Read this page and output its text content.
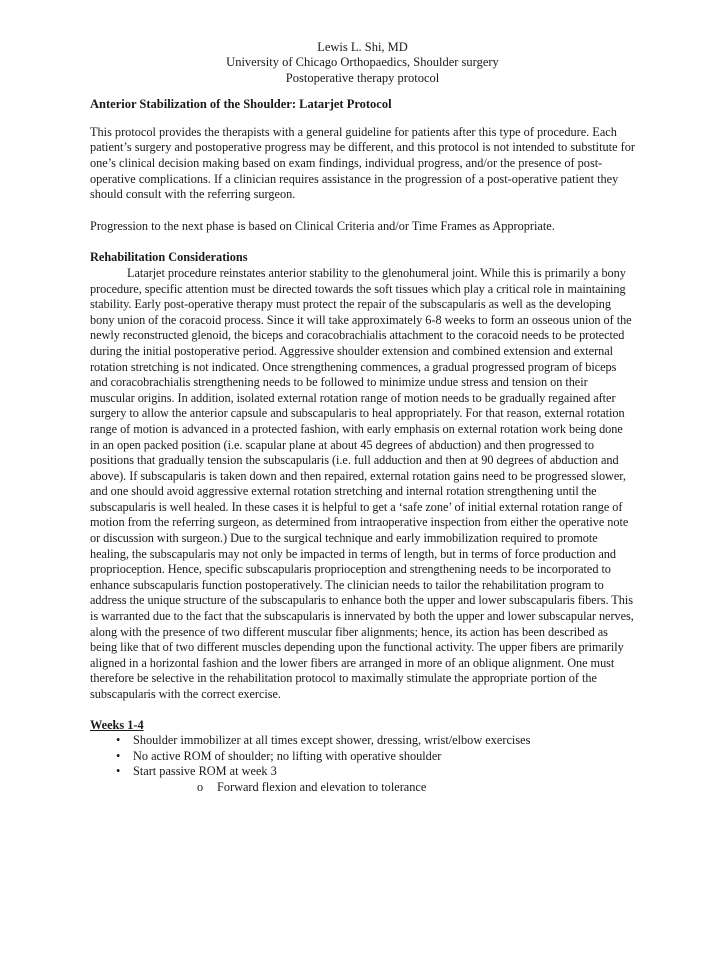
Lewis L. Shi, MD
University of Chicago Orthopaedics, Shoulder surgery
Postoperative therapy protocol
Anterior Stabilization of the Shoulder: Latarjet Protocol

This protocol provides the therapists with a general guideline for patients after this type of procedure. Each patient’s surgery and postoperative progress may be different, and this protocol is not intended to substitute for one’s clinical decision making based on exam findings, individual progress, and/or the presence of post-operative complications. If a clinician requires assistance in the progression of a post-operative patient they should consult with the referring surgeon.

Progression to the next phase is based on Clinical Criteria and/or Time Frames as Appropriate.

Rehabilitation Considerations

Latarjet procedure reinstates anterior stability to the glenohumeral joint. While this is primarily a bony procedure, specific attention must be directed towards the soft tissues which play a critical role in maintaining stability. Early post-operative therapy must protect the repair of the subscapularis as well as the developing bony union of the coracoid process. Since it will take approximately 6-8 weeks to form an osseous union of the newly reconstructed glenoid, the biceps and coracobrachialis attachment to the coracoid needs to be protected during the initial postoperative period. Aggressive shoulder extension and combined extension and external rotation stretching is not indicated. Once strengthening commences, a gradual progressed program of biceps and coracobrachialis strengthening needs to be followed to minimize undue stress and tension on their muscular origins. In addition, isolated external rotation range of motion needs to be gradually regained after surgery to allow the anterior capsule and subscapularis to heal appropriately. For that reason, external rotation range of motion is advanced in a protected fashion, with early emphasis on external rotation work being done in an open packed position (i.e. scapular plane at about 45 degrees of abduction) and then progressed to positions that gradually tension the subscapularis (i.e. full adduction and then at 90 degrees of abduction and above). If subscapularis is taken down and then repaired, external rotation gains need to be progressed slower, and one should avoid aggressive external rotation stretching and internal rotation strengthening until the subscapularis is well healed. In these cases it is helpful to get a ‘safe zone’ of initial external rotation range of motion from the referring surgeon, as determined from intraoperative inspection from either the operative note or discussion with surgeon.) Due to the surgical technique and early immobilization required to promote healing, the subscapularis may not only be impacted in terms of length, but in terms of force production and proprioception. Hence, specific subscapularis proprioception and strengthening needs to be incorporated to enhance subscapularis function postoperatively. The clinician needs to tailor the rehabilitation program to address the unique structure of the subscapularis to enhance both the upper and lower subscapularis fibers. This is warranted due to the fact that the subscapularis is innervated by both the upper and lower subscapular nerves, along with the presence of two different muscular fiber alignments; hence, its action has been described as being like that of two different muscles depending upon the functional activity. The upper fibers are primarily aligned in a horizontal fashion and the lower fibers are arranged in more of an oblique alignment. One must therefore be selective in the rehabilitation protocol to maximally stimulate the appropriate portion of the subscapularis with the correct exercise.

Weeks 1-4
• Shoulder immobilizer at all times except shower, dressing, wrist/elbow exercises
• No active ROM of shoulder; no lifting with operative shoulder
• Start passive ROM at week 3
o Forward flexion and elevation to tolerance
